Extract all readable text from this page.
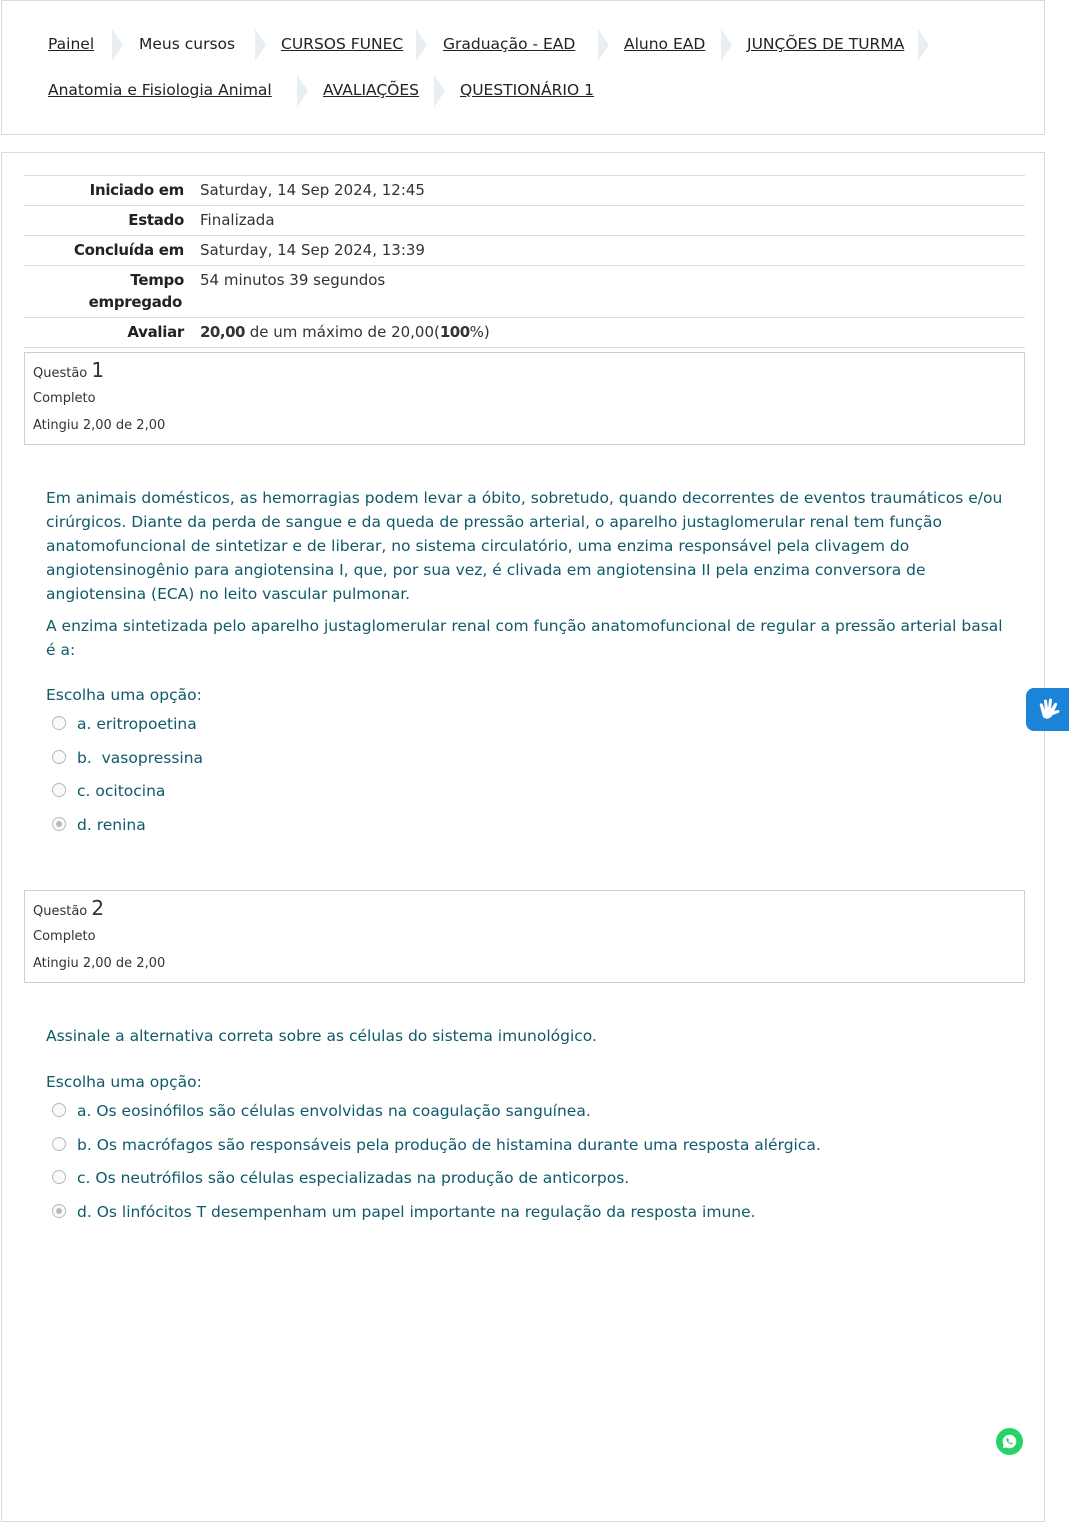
Painel	Meus cursos	CURSOS FUNEC	Graduação - EAD	Aluno EAD	JUNÇÕES DE TURMA
Anatomia e Fisiologia Animal	AVALIAÇÕES	QUESTIONÁRIO 1
Iniciado em	Saturday, 14 Sep 2024, 12:45
Estado	Finalizada
Concluída em	Saturday, 14 Sep 2024, 13:39
Tempo
empregado	54 minutos 39 segundos
Avaliar	20,00 de um máximo de 20,00(100%)
Questão 1
Completo
Atingiu 2,00 de 2,00

Em animais domésticos, as hemorragias podem levar a óbito, sobretudo, quando decorrentes de eventos traumáticos e/ou cirúrgicos. Diante da perda de sangue e da queda de pressão arterial, o aparelho justaglomerular renal tem função anatomofuncional de sintetizar e de liberar, no sistema circulatório, uma enzima responsável pela clivagem do angiotensinogênio para angiotensina I, que, por sua vez, é clivada em angiotensina II pela enzima conversora de angiotensina (ECA) no leito vascular pulmonar.

A enzima sintetizada pelo aparelho justaglomerular renal com função anatomofuncional de regular a pressão arterial basal é a:

Escolha uma opção:
a. eritropoetina
b.  vasopressina
c. ocitocina
d. renina
Questão 2
Completo
Atingiu 2,00 de 2,00

Assinale a alternativa correta sobre as células do sistema imunológico.

Escolha uma opção:
a. Os eosinófilos são células envolvidas na coagulação sanguínea.
b. Os macrófagos são responsáveis pela produção de histamina durante uma resposta alérgica.
c. Os neutrófilos são células especializadas na produção de anticorpos.
d. Os linfócitos T desempenham um papel importante na regulação da resposta imune.
